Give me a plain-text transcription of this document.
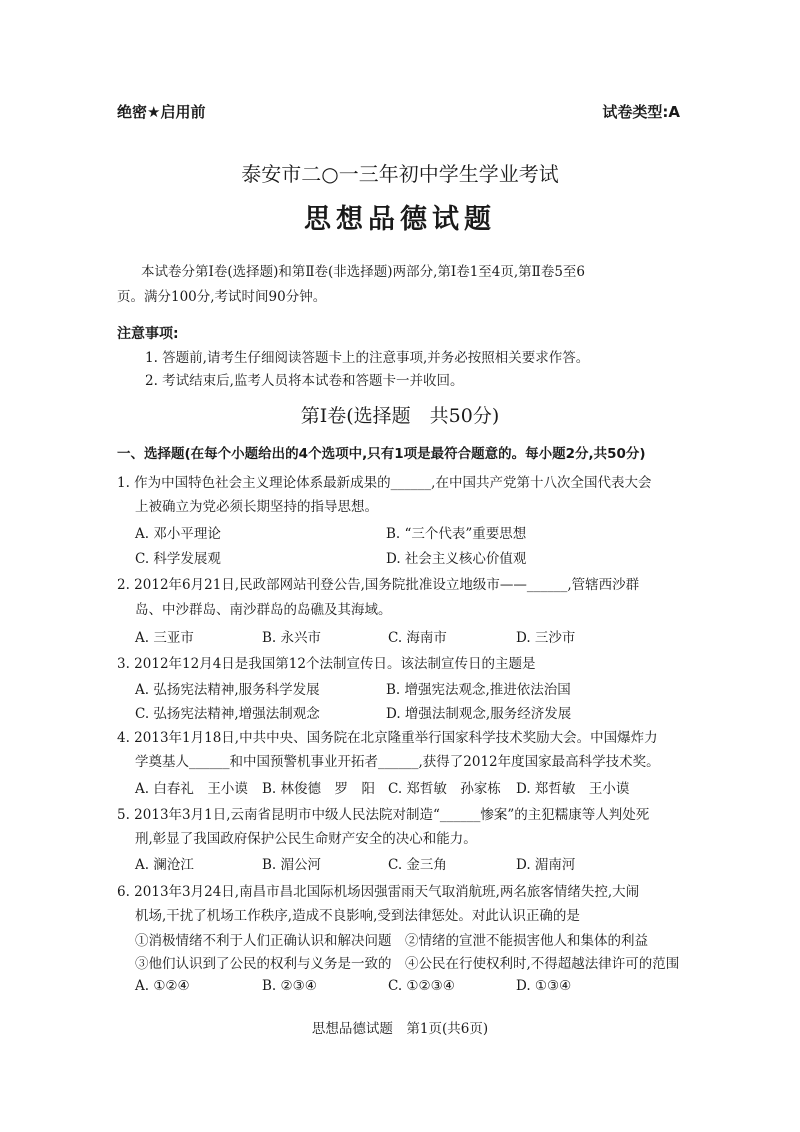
绝密★启用前	试卷类型:A
泰安市二○一三年初中学生学业考试
思想品德试题
本试卷分第Ⅰ卷(选择题)和第Ⅱ卷(非选择题)两部分,第Ⅰ卷1至4页,第Ⅱ卷5至6
页。满分100分,考试时间90分钟。
注意事项:
1. 答题前,请考生仔细阅读答题卡上的注意事项,并务必按照相关要求作答。
2. 考试结束后,监考人员将本试卷和答题卡一并收回。
第Ⅰ卷(选择题　共50分)
一、选择题(在每个小题给出的4个选项中,只有1项是最符合题意的。每小题2分,共50分)
1. 作为中国特色社会主义理论体系最新成果的______,在中国共产党第十八次全国代表大会
上被确立为党必须长期坚持的指导思想。
A. 邓小平理论	B. “三个代表”重要思想
C. 科学发展观	D. 社会主义核心价值观
2. 2012年6月21日,民政部网站刊登公告,国务院批准设立地级市——______,管辖西沙群
岛、中沙群岛、南沙群岛的岛礁及其海域。
A. 三亚市	B. 永兴市	C. 海南市	D. 三沙市
3. 2012年12月4日是我国第12个法制宣传日。该法制宣传日的主题是
A. 弘扬宪法精神,服务科学发展	B. 增强宪法观念,推进依法治国
C. 弘扬宪法精神,增强法制观念	D. 增强法制观念,服务经济发展
4. 2013年1月18日,中共中央、国务院在北京隆重举行国家科学技术奖励大会。中国爆炸力
学奠基人______和中国预警机事业开拓者______,获得了2012年度国家最高科学技术奖。
A. 白春礼　王小谟 B. 林俊德　罗　阳 C. 郑哲敏　孙家栋 D. 郑哲敏　王小谟
5. 2013年3月1日,云南省昆明市中级人民法院对制造“______惨案”的主犯糯康等人判处死
刑,彰显了我国政府保护公民生命财产安全的决心和能力。
A. 澜沧江	B. 湄公河	C. 金三角	D. 湄南河
6. 2013年3月24日,南昌市昌北国际机场因强雷雨天气取消航班,两名旅客情绪失控,大闹
机场,干扰了机场工作秩序,造成不良影响,受到法律惩处。对此认识正确的是
①消极情绪不利于人们正确认识和解决问题　②情绪的宣泄不能损害他人和集体的利益
③他们认识到了公民的权利与义务是一致的　④公民在行使权利时,不得超越法律许可的范围
A. ①②④	B. ②③④	C. ①②③④	D. ①③④
思想品德试题　第1页(共6页)
